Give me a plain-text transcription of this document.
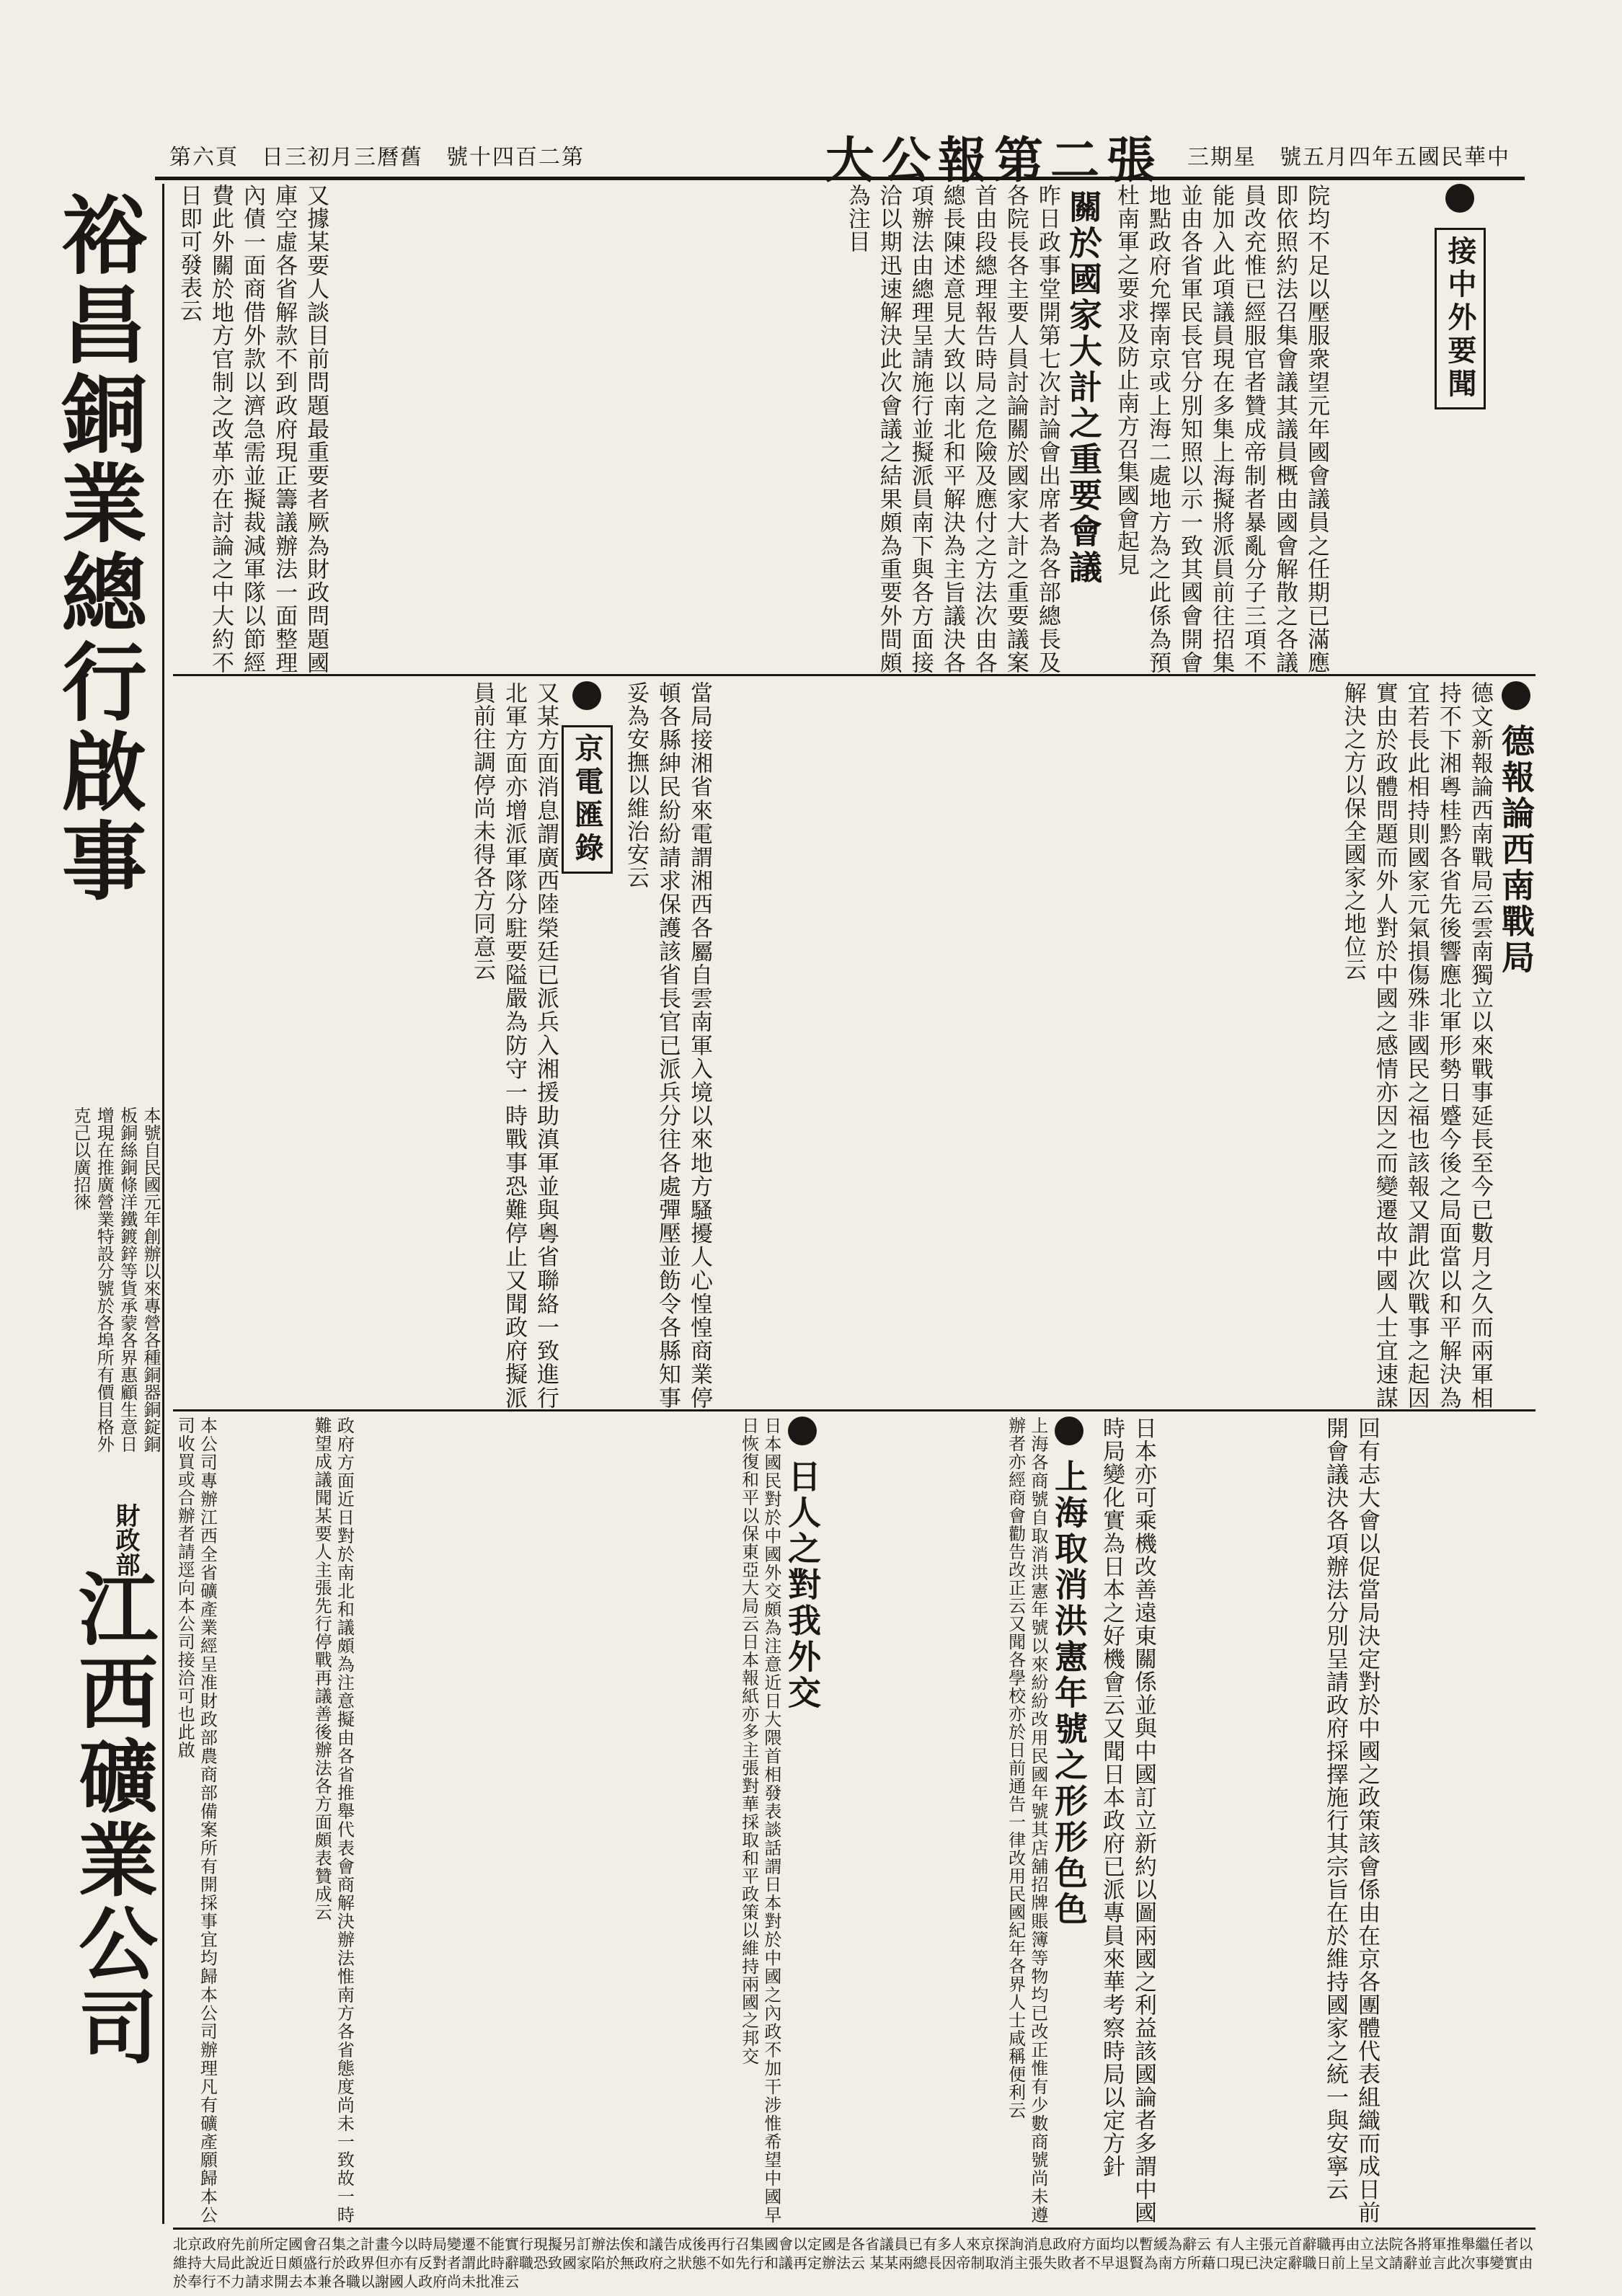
第六頁　日三初月三曆舊　號十四百二第	大公報第二張 三期星　號五月四年五國民華中
裕昌銅業總行啟事
本號自民國元年創辦以來專營各種銅器銅錠銅板銅絲銅條洋鐵鍍鋅等貨承蒙各界惠顧生意日增現在推廣營業特設分號於各埠所有價目格外克己以廣招徠
財政部
江西礦業公司
接中外要聞
院均不足以壓服衆望元年國會議員之任期已滿應即依照約法召集會議其議員概由國會解散之各議員改充惟已經服官者贊成帝制者暴亂分子三項不能加入此項議員現在多集上海擬將派員前往招集並由各省軍民長官分別知照以示一致其國會開會地點政府允擇南京或上海二處地方為之此係為預杜南軍之要求及防止南方召集國會起見
關於國家大計之重要會議
昨日政事堂開第七次討論會出席者為各部總長及各院長各主要人員討論關於國家大計之重要議案首由段總理報告時局之危險及應付之方法次由各總長陳述意見大致以南北和平解決為主旨議決各項辦法由總理呈請施行並擬派員南下與各方面接洽以期迅速解決此次會議之結果頗為重要外間頗為注目
又據某要人談目前問題最重要者厥為財政問題國庫空虛各省解款不到政府現正籌議辦法一面整理內債一面商借外款以濟急需並擬裁減軍隊以節經費此外關於地方官制之改革亦在討論之中大約不日即可發表云
德報論西南戰局
德文新報論西南戰局云雲南獨立以來戰事延長至今已數月之久而兩軍相持不下湘粵桂黔各省先後響應北軍形勢日蹙今後之局面當以和平解決為宜若長此相持則國家元氣損傷殊非國民之福也該報又謂此次戰事之起因實由於政體問題而外人對於中國之感情亦因之而變遷故中國人士宜速謀解決之方以保全國家之地位云
當局接湘省來電謂湘西各屬自雲南軍入境以來地方騷擾人心惶惶商業停頓各縣紳民紛紛請求保護該省長官已派兵分往各處彈壓並飭令各縣知事妥為安撫以維治安云
京電匯錄
又某方面消息謂廣西陸榮廷已派兵入湘援助滇軍並與粵省聯絡一致進行北軍方面亦增派軍隊分駐要隘嚴為防守一時戰事恐難停止又聞政府擬派員前往調停尚未得各方同意云
回有志大會以促當局決定對於中國之政策該會係由在京各團體代表組織而成日前開會議決各項辦法分別呈請政府採擇施行其宗旨在於維持國家之統一與安寧云
日本亦可乘機改善遠東關係並與中國訂立新約以圖兩國之利益該國論者多謂中國時局變化實為日本之好機會云又聞日本政府已派專員來華考察時局以定方針
上海取消洪憲年號之形形色色
上海各商號自取消洪憲年號以來紛紛改用民國年號其店舖招牌賬簿等物均已改正惟有少數商號尚未遵辦者亦經商會勸告改正云又聞各學校亦於日前通告一律改用民國紀年各界人士咸稱便利云
日人之對我外交
日本國民對於中國外交頗為注意近日大隈首相發表談話謂日本對於中國之內政不加干涉惟希望中國早日恢復和平以保東亞大局云日本報紙亦多主張對華採取和平政策以維持兩國之邦交
政府方面近日對於南北和議頗為注意擬由各省推舉代表會商解決辦法惟南方各省態度尚未一致故一時難望成議聞某要人主張先行停戰再議善後辦法各方面頗表贊成云
本公司專辦江西全省礦產業經呈准財政部農商部備案所有開採事宜均歸本公司辦理凡有礦產願歸本公司收買或合辦者請逕向本公司接洽可也此啟
北京政府先前所定國會召集之計畫今以時局變遷不能實行現擬另訂辦法俟和議告成後再行召集國會以定國是各省議員已有多人來京探詢消息政府方面均以暫緩為辭云 有人主張元首辭職再由立法院各將軍推舉繼任者以維持大局此說近日頗盛行於政界但亦有反對者謂此時辭職恐致國家陷於無政府之狀態不如先行和議再定辦法云 某某兩總長因帝制取消主張失敗者不早退賢為南方所藉口現已決定辭職日前上呈文請辭並言此次事變實由於奉行不力請求開去本兼各職以謝國人政府尚未批准云
